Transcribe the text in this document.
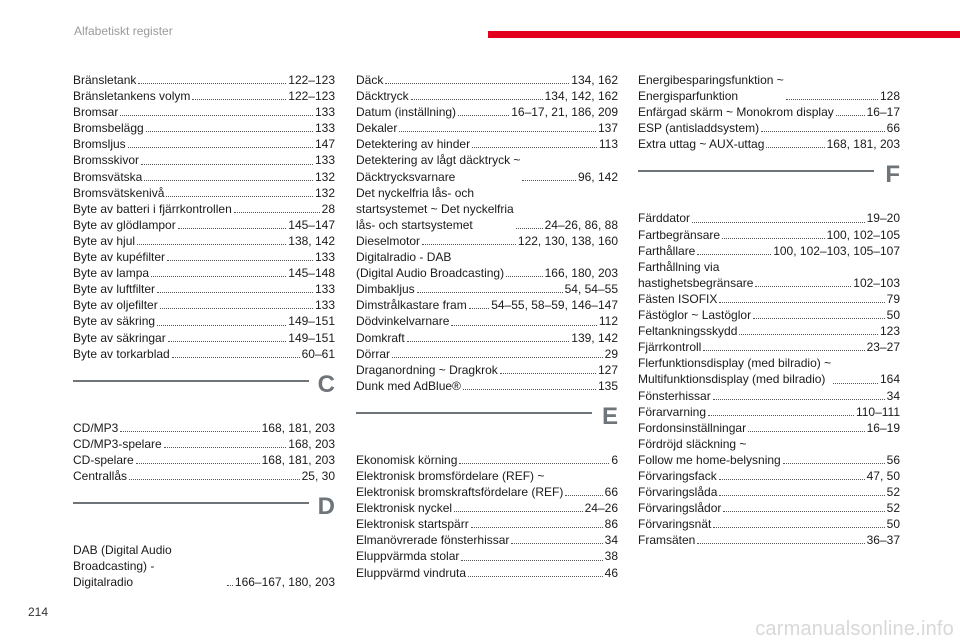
Alfabetiskt register
Bränsletank	122–123
Bränsletankens volym	122–123
Bromsar	133
Bromsbelägg	133
Bromsljus	147
Bromsskivor	133
Bromsvätska	132
Bromsvätskenivå	132
Byte av batteri i fjärrkontrollen	28
Byte av glödlampor	145–147
Byte av hjul	138, 142
Byte av kupéfilter	133
Byte av lampa	145–148
Byte av luftfilter	133
Byte av oljefilter	133
Byte av säkring	149–151
Byte av säkringar	149–151
Byte av torkarblad	60–61
C
CD/MP3	168, 181, 203
CD/MP3-spelare	168, 203
CD-spelare	168, 181, 203
Centrallås	25, 30
D
DAB (Digital Audio Broadcasting) -
Digitalradio	166–167, 180, 203
Däck	134, 162
Däcktryck	134, 142, 162
Datum (inställning)	16–17, 21, 186, 209
Dekaler	137
Detektering av hinder	113
Detektering av lågt däcktryck ~
Däcktrycksvarnare	96, 142
Det nyckelfria lås- och
startsystemet ~ Det nyckelfria
lås- och startsystemet	24–26, 86, 88
Dieselmotor	122, 130, 138, 160
Digitalradio - DAB
(Digital Audio Broadcasting)	166, 180, 203
Dimbakljus	54, 54–55
Dimstrålkastare fram 54–55, 58–59, 146–147
Dödvinkelvarnare	112
Domkraft	139, 142
Dörrar	29
Draganordning ~ Dragkrok	127
Dunk med AdBlue®	135
E
Ekonomisk körning	6
Elektronisk bromsfördelare (REF) ~
Elektronisk bromskraftsfördelare (REF)	66
Elektronisk nyckel	24–26
Elektronisk startspärr	86
Elmanövrerade fönsterhissar	34
Eluppvärmda stolar	38
Eluppvärmd vindruta	46
Energibesparingsfunktion ~
Energisparfunktion	128
Enfärgad skärm ~ Monokrom display	16–17
ESP (antisladdsystem)	66
Extra uttag ~ AUX-uttag	168, 181, 203
F
Färddator	19–20
Fartbegränsare	100, 102–105
Farthållare	100, 102–103, 105–107
Farthållning via
hastighetsbegränsare	102–103
Fästen ISOFIX	79
Fästöglor ~ Lastöglor	50
Feltankningsskydd	123
Fjärrkontroll	23–27
Flerfunktionsdisplay (med bilradio) ~
Multifunktionsdisplay (med bilradio)	164
Fönsterhissar	34
Förarvarning	110–111
Fordonsinställningar	16–19
Fördröjd släckning ~
Follow me home-belysning	56
Förvaringsfack	47, 50
Förvaringslåda	52
Förvaringslådor	52
Förvaringsnät	50
Framsäten	36–37
214
carmanualsonline.info
